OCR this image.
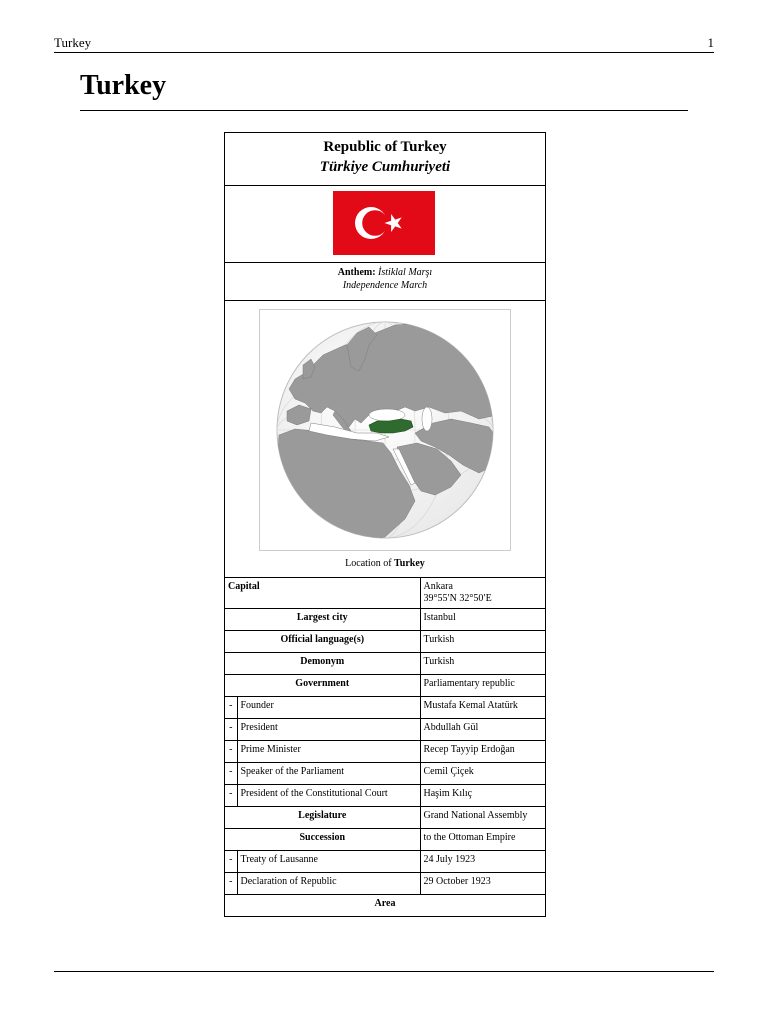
Turkey	1
Turkey
Republic of Turkey
Türkiye Cumhuriyeti
Anthem: İstiklal Marşı
Independence March
Location of Turkey
Capital		Ankara
39°55′N 32°50′E

Largest city		Istanbul
Official language(s)		Turkish
Demonym		Turkish
Government		Parliamentary republic
-	Founder	Mustafa Kemal Atatürk
-	President	Abdullah Gül
-	Prime Minister	Recep Tayyip Erdoğan
-	Speaker of the Parliament	Cemil Çiçek
-	President of the Constitutional Court	Haşim Kılıç
Legislature		Grand National Assembly
Succession		to the Ottoman Empire
-	Treaty of Lausanne	24 July 1923
-	Declaration of Republic	29 October 1923
Area		
